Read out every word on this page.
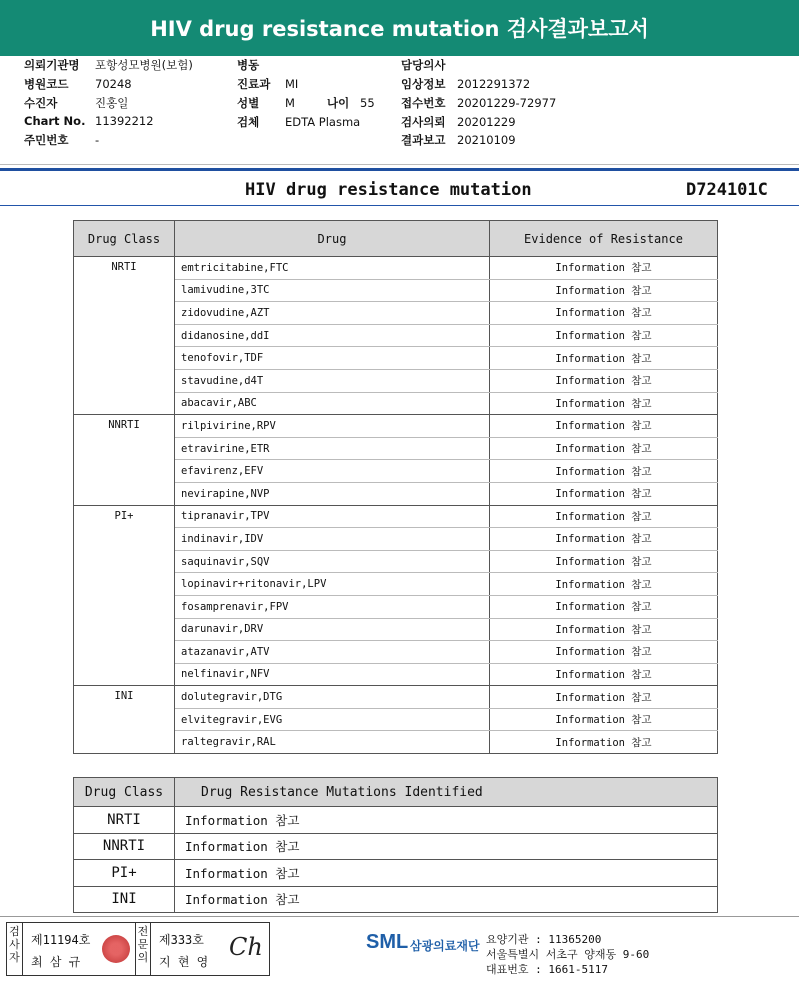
HIV drug resistance mutation 검사결과보고서
의뢰기관명 포항성모병원(보험)
병원코드 70248
수진자	진홍일
Chart No. 11392212
주민번호 -
병동
진료과 MI
성별 M
검체 EDTA Plasma
담당의사
임상정보 2012291372
접수번호 20201229-72977
검사의뢰 20201229
결과보고 20210109
나이 55
HIV drug resistance mutation	D724101C
Drug Class	Drug	Evidence of Resistance
NRTI	emtricitabine,FTC	Information 참고
	lamivudine,3TC	Information 참고
	zidovudine,AZT	Information 참고
	didanosine,ddI	Information 참고
	tenofovir,TDF	Information 참고
	stavudine,d4T	Information 참고
	abacavir,ABC	Information 참고
NNRTI	rilpivirine,RPV	Information 참고
	etravirine,ETR	Information 참고
	efavirenz,EFV	Information 참고
	nevirapine,NVP	Information 참고
PI+	tipranavir,TPV	Information 참고
	indinavir,IDV	Information 참고
	saquinavir,SQV	Information 참고
	lopinavir+ritonavir,LPV	Information 참고
	fosamprenavir,FPV	Information 참고
	darunavir,DRV	Information 참고
	atazanavir,ATV	Information 참고
	nelfinavir,NFV	Information 참고
INI	dolutegravir,DTG	Information 참고
	elvitegravir,EVG	Information 참고
	raltegravir,RAL	Information 참고
Drug Class	Drug Resistance Mutations Identified
NRTI	Information 참고
NNRTI	Information 참고
PI+	Information 참고
INI	Information 참고
검사자
제11194호
최 삼 규
전문의
제333호
지 현 영
Ch	SML 삼광의료재단 요양기관 : 11365200
서울특별시 서초구 양재동 9-60
대표번호 : 1661-5117
